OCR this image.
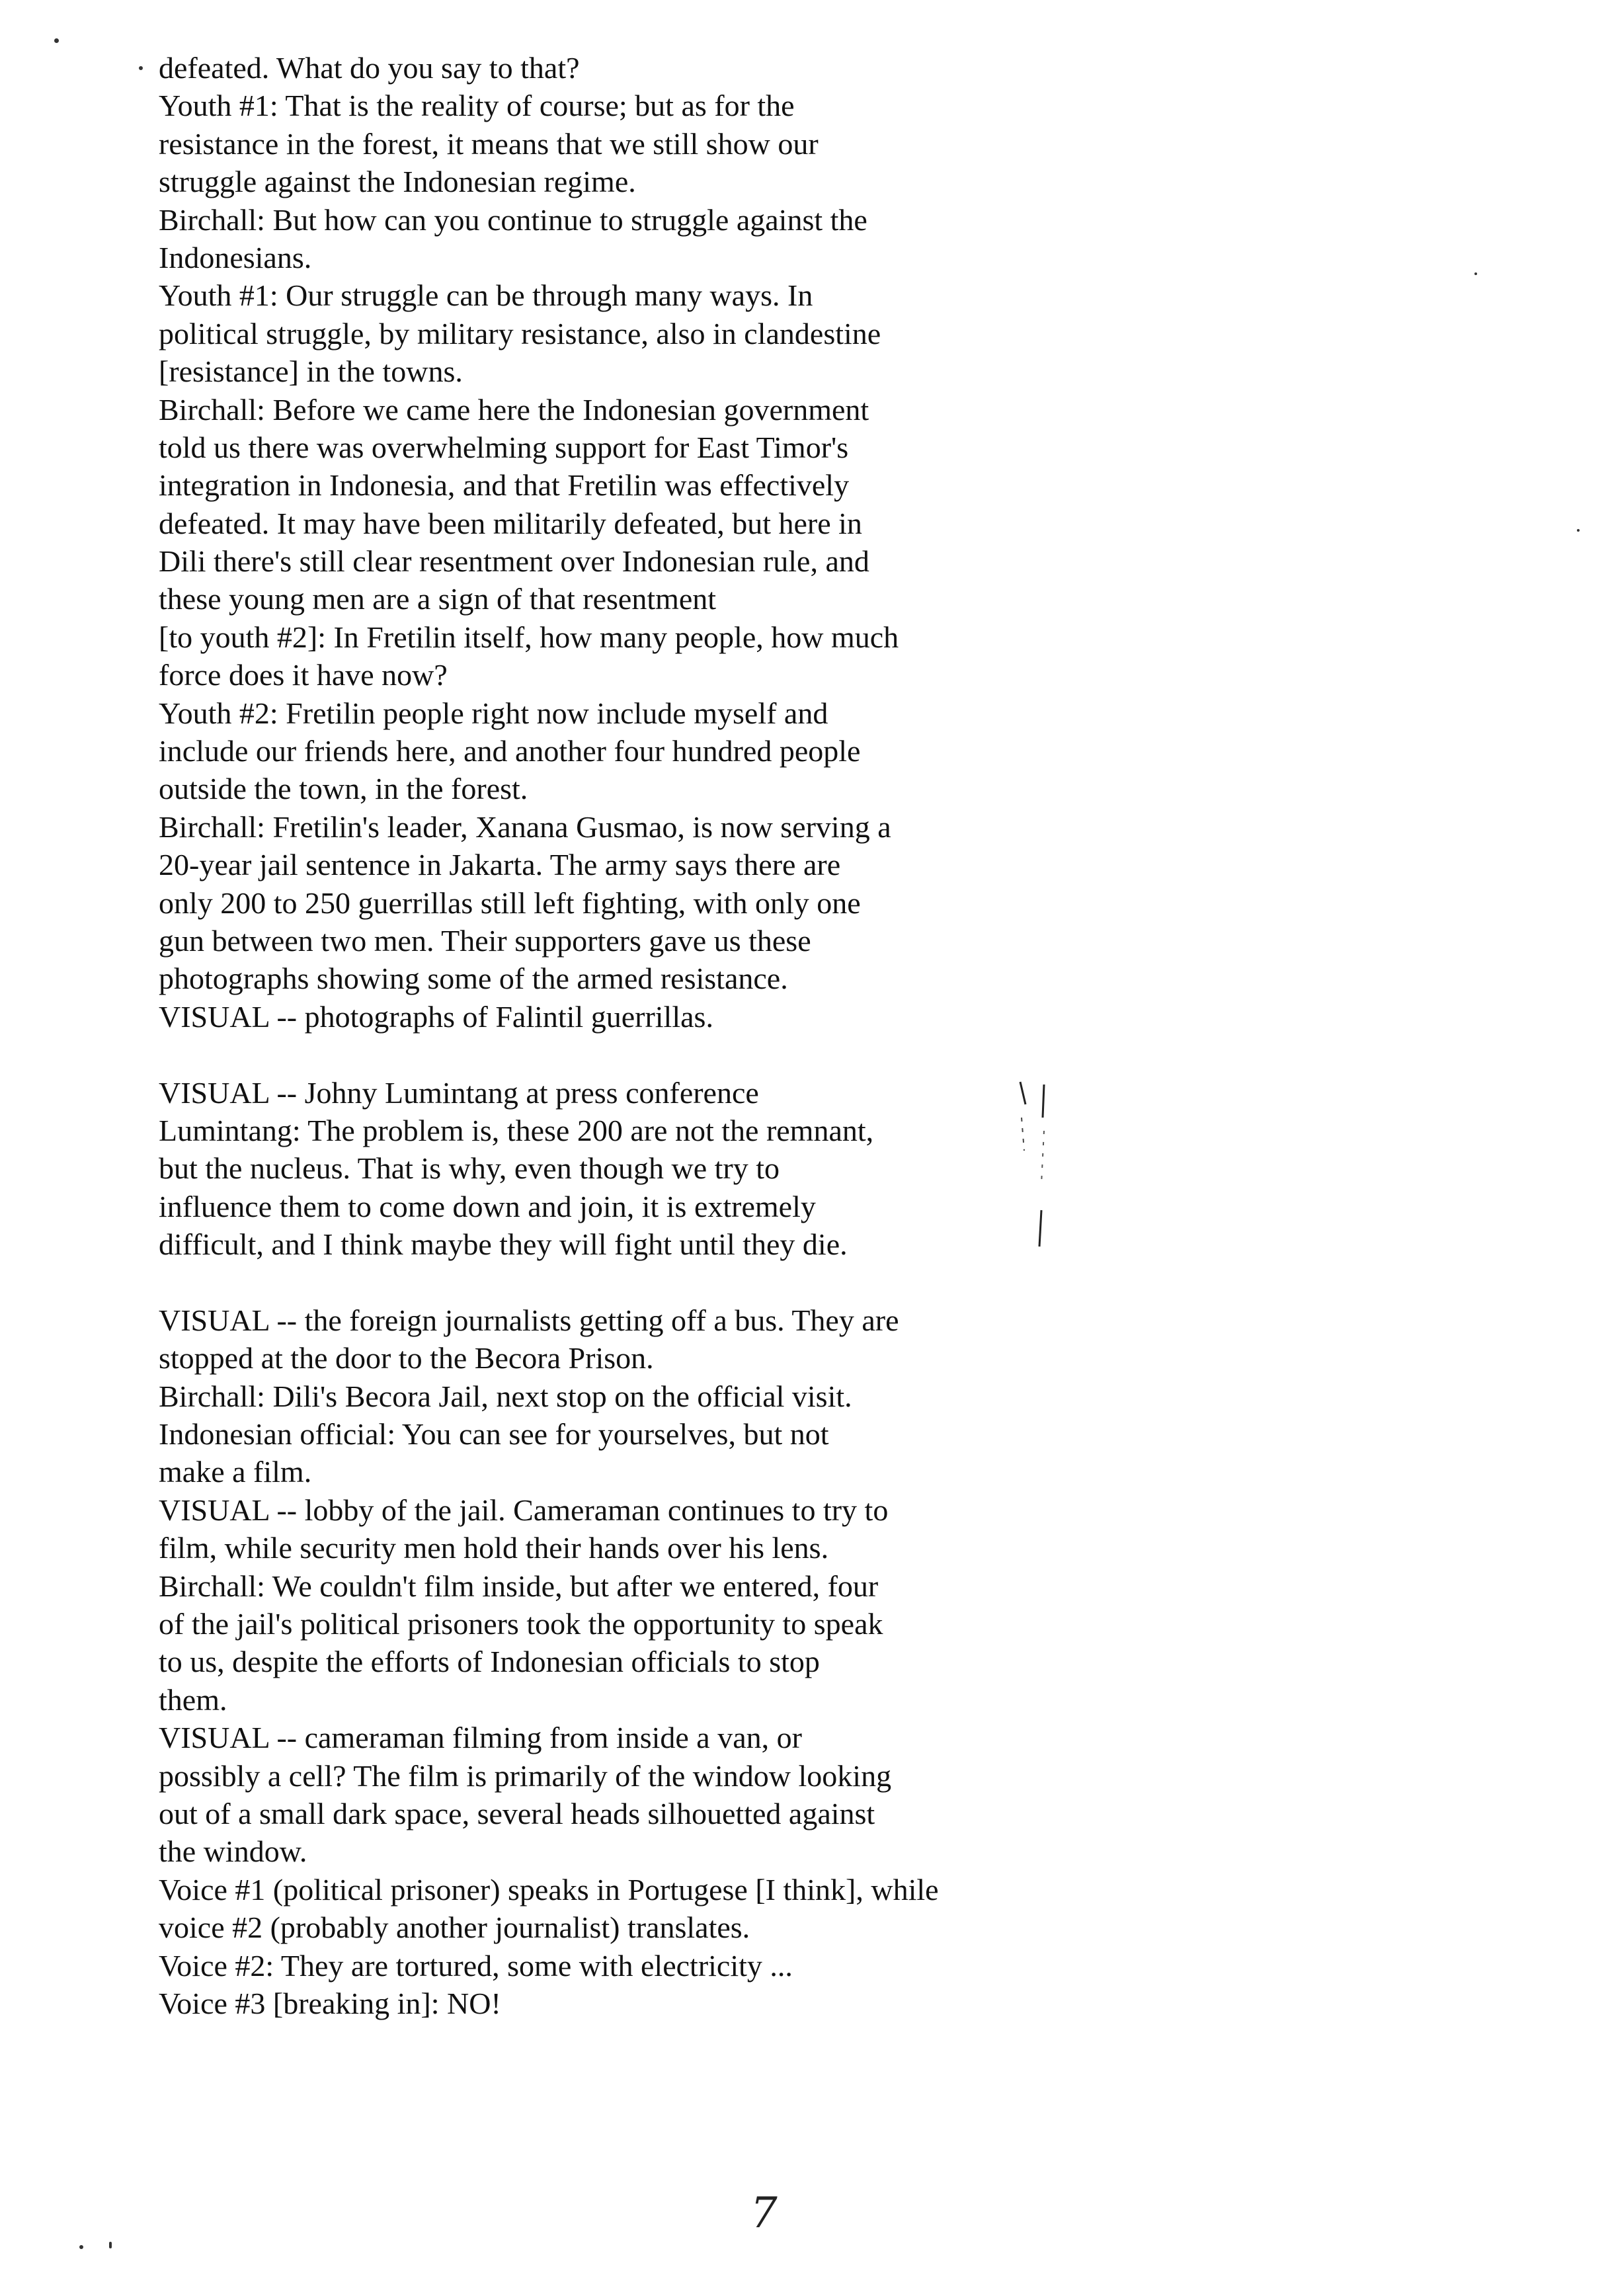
defeated. What do you say to that?
Youth #1: That is the reality of course; but as for the
resistance in the forest, it means that we still show our
struggle against the Indonesian regime.
Birchall: But how can you continue to struggle against the
Indonesians.
Youth #1: Our struggle can be through many ways. In
political struggle, by military resistance, also in clandestine
[resistance] in the towns.
Birchall: Before we came here the Indonesian government
told us there was overwhelming support for East Timor's
integration in Indonesia, and that Fretilin was effectively
defeated. It may have been militarily defeated, but here in
Dili there's still clear resentment over Indonesian rule, and
these young men are a sign of that resentment
[to youth #2]: In Fretilin itself, how many people, how much
force does it have now?
Youth #2: Fretilin people right now include myself and
include our friends here, and another four hundred people
outside the town, in the forest.
Birchall: Fretilin's leader, Xanana Gusmao, is now serving a
20-year jail sentence in Jakarta. The army says there are
only 200 to 250 guerrillas still left fighting, with only one
gun between two men. Their supporters gave us these
photographs showing some of the armed resistance.
VISUAL -- photographs of Falintil guerrillas.
VISUAL -- Johny Lumintang at press conference
Lumintang: The problem is, these 200 are not the remnant,
but the nucleus. That is why, even though we try to
influence them to come down and join, it is extremely
difficult, and I think maybe they will fight until they die.
VISUAL -- the foreign journalists getting off a bus. They are
stopped at the door to the Becora Prison.
Birchall: Dili's Becora Jail, next stop on the official visit.
Indonesian official: You can see for yourselves, but not
make a film.
VISUAL -- lobby of the jail. Cameraman continues to try to
film, while security men hold their hands over his lens.
Birchall: We couldn't film inside, but after we entered, four
of the jail's political prisoners took the opportunity to speak
to us, despite the efforts of Indonesian officials to stop
them.
VISUAL -- cameraman filming from inside a van, or
possibly a cell? The film is primarily of the window looking
out of a small dark space, several heads silhouetted against
the window.
Voice #1 (political prisoner) speaks in Portugese [I think], while
voice #2 (probably another journalist) translates.
Voice #2: They are tortured, some with electricity ...
Voice #3 [breaking in]: NO!
7
